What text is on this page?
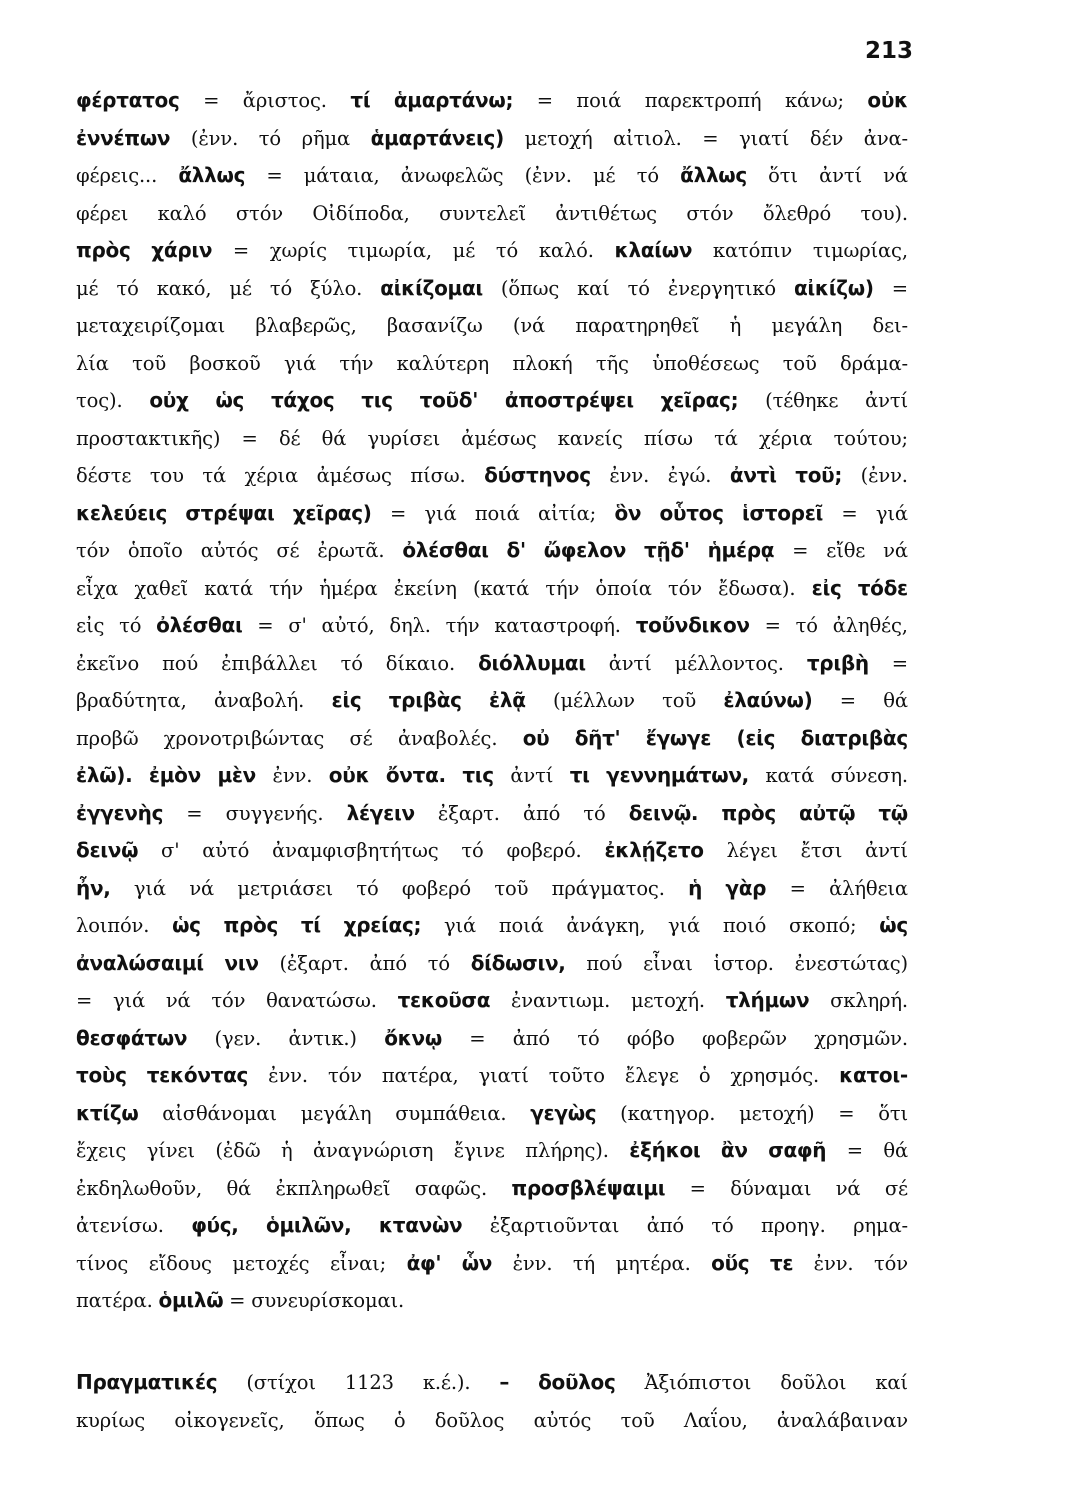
213
φέρτατος = ἄριστος. τί ἁμαρτάνω; = ποιά παρεκτροπή κάνω; οὐκ
ἐννέπων (ἐνν. τό ρῆμα ἁμαρτάνεις) μετοχή αἰτιολ. = γιατί δέν ἀνα-
φέρεις... ἄλλως = μάταια, ἀνωφελῶς (ἐνν. μέ τό ἄλλως ὅτι ἀντί νά
φέρει καλό στόν Οἰδίποδα, συντελεῖ ἀντιθέτως στόν ὄλεθρό του).
πρὸς χάριν = χωρίς τιμωρία, μέ τό καλό. κλαίων κατόπιν τιμωρίας,
μέ τό κακό, μέ τό ξύλο. αἰκίζομαι (ὅπως καί τό ἐνεργητικό αἰκίζω) =
μεταχειρίζομαι βλαβερῶς, βασανίζω (νά παρατηρηθεῖ ἡ μεγάλη δει-
λία τοῦ βοσκοῦ γιά τήν καλύτερη πλοκή τῆς ὑποθέσεως τοῦ δράμα-
τος). οὐχ ὡς τάχος τις τοῦδ' ἀποστρέψει χεῖρας; (τέθηκε ἀντί
προστακτικῆς) = δέ θά γυρίσει ἀμέσως κανείς πίσω τά χέρια τούτου;
δέστε του τά χέρια ἀμέσως πίσω. δύστηνος ἐνν. ἐγώ. ἀντὶ τοῦ; (ἐνν.
κελεύεις στρέψαι χεῖρας) = γιά ποιά αἰτία; ὃν οὗτος ἱστορεῖ = γιά
τόν ὁποῖο αὐτός σέ ἐρωτᾶ. ὀλέσθαι δ' ὤφελον τῇδ' ἡμέρᾳ = εἴθε νά
εἶχα χαθεῖ κατά τήν ἡμέρα ἐκείνη (κατά τήν ὁποία τόν ἔδωσα). εἰς τόδε
εἰς τό ὀλέσθαι = σ' αὐτό, δηλ. τήν καταστροφή. τοὔνδικον = τό ἀληθές,
ἐκεῖνο πού ἐπιβάλλει τό δίκαιο. διόλλυμαι ἀντί μέλλοντος. τριβὴ =
βραδύτητα, ἀναβολή. εἰς τριβὰς ἐλᾷ (μέλλων τοῦ ἐλαύνω) = θά
προβῶ χρονοτριβώντας σέ ἀναβολές. οὐ δῆτ' ἔγωγε (εἰς διατριβὰς
ἐλῶ). ἐμὸν μὲν ἐνν. οὐκ ὄντα. τις ἀντί τι γεννημάτων, κατά σύνεση.
ἐγγενὴς = συγγενής. λέγειν ἐξαρτ. ἀπό τό δεινῷ. πρὸς αὐτῷ τῷ
δεινῷ σ' αὐτό ἀναμφισβητήτως τό φοβερό. ἐκλῄζετο λέγει ἔτσι ἀντί
ἦν, γιά νά μετριάσει τό φοβερό τοῦ πράγματος. ἡ γὰρ = ἀλήθεια
λοιπόν. ὡς πρὸς τί χρείας; γιά ποιά ἀνάγκη, γιά ποιό σκοπό; ὡς
ἀναλώσαιμί νιν (ἐξαρτ. ἀπό τό δίδωσιν, πού εἶναι ἱστορ. ἐνεστώτας)
= γιά νά τόν θανατώσω. τεκοῦσα ἐναντιωμ. μετοχή. τλήμων σκληρή.
θεσφάτων (γεν. ἀντικ.) ὄκνῳ = ἀπό τό φόβο φοβερῶν χρησμῶν.
τοὺς τεκόντας ἐνν. τόν πατέρα, γιατί τοῦτο ἔλεγε ὁ χρησμός. κατοι-
κτίζω αἰσθάνομαι μεγάλη συμπάθεια. γεγὼς (κατηγορ. μετοχή) = ὅτι
ἔχεις γίνει (ἐδῶ ἡ ἀναγνώριση ἔγινε πλήρης). ἐξήκοι ἂν σαφῆ = θά
ἐκδηλωθοῦν, θά ἐκπληρωθεῖ σαφῶς. προσβλέψαιμι = δύναμαι νά σέ
ἀτενίσω. φύς, ὁμιλῶν, κτανὼν ἐξαρτιοῦνται ἀπό τό προηγ. ρημα-
τίνος εἴδους μετοχές εἶναι; ἀφ' ὧν ἐνν. τή μητέρα. οὕς τε ἐνν. τόν
πατέρα. ὁμιλῶ = συνευρίσκομαι.
Πραγματικές (στίχοι 1123 κ.έ.). – δοῦλος Ἀξιόπιστοι δοῦλοι καί
κυρίως οἰκογενεῖς, ὅπως ὁ δοῦλος αὐτός τοῦ Λαΐου, ἀναλάβαιναν
